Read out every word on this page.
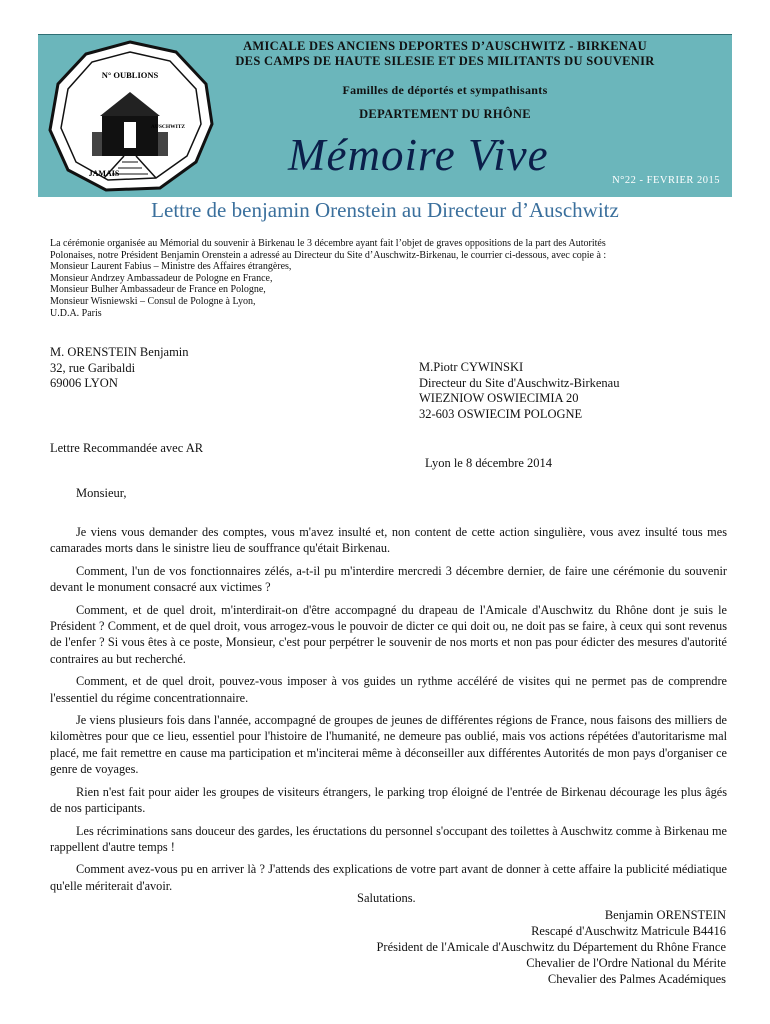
AMICALE DES ANCIENS DEPORTES D’AUSCHWITZ - BIRKENAU
DES CAMPS DE HAUTE SILESIE ET DES MILITANTS DU SOUVENIR
Familles de déportés et sympathisants
DEPARTEMENT DU RHÔNE
Mémoire Vive
N°22 - FEVRIER 2015
N° OUBLIONS
AUSCHWITZ
JAMAIS
Lettre de benjamin Orenstein au Directeur d’Auschwitz
La cérémonie organisée au Mémorial du souvenir à Birkenau le 3 décembre ayant fait l’objet de graves oppositions de la part des Autorités
Polonaises, notre Président Benjamin Orenstein a adressé au Directeur du Site d’Auschwitz-Birkenau, le courrier ci-dessous, avec copie à :
Monsieur Laurent Fabius – Ministre des Affaires étrangères,
Monsieur Andrzey Ambassadeur de Pologne en France,
Monsieur Bulher Ambassadeur de France en Pologne,
Monsieur Wisniewski – Consul de Pologne à Lyon,
U.D.A. Paris
M. ORENSTEIN Benjamin
32, rue Garibaldi
69006 LYON
M.Piotr CYWINSKI
Directeur du Site d'Auschwitz-Birkenau
WIEZNIOW OSWIECIMIA 20
32-603 OSWIECIM POLOGNE
Lettre Recommandée avec AR
Lyon le 8 décembre 2014
Monsieur,

Je viens vous demander des comptes, vous m'avez insulté et, non content de cette action singulière, vous avez insulté tous mes camarades morts dans le sinistre lieu de souffrance qu'était Birkenau.

Comment, l'un de vos fonctionnaires zélés, a-t-il pu m'interdire mercredi 3 décembre dernier, de faire une cérémonie du souvenir devant le monument consacré aux victimes ?

Comment, et de quel droit, m'interdirait-on d'être accompagné du drapeau de l'Amicale d'Auschwitz du Rhône dont je suis le Président ? Comment, et de quel droit, vous arrogez-vous le pouvoir de dicter ce qui doit ou, ne doit pas se faire, à ceux qui sont revenus de l'enfer ? Si vous êtes à ce poste, Monsieur, c'est pour perpétrer le souvenir de nos morts et non pas pour édicter des mesures d'autorité contraires au but recherché.

Comment, et de quel droit, pouvez-vous imposer à vos guides un rythme accéléré de visites qui ne permet pas de comprendre l'essentiel du régime concentrationnaire.

Je viens plusieurs fois dans l'année, accompagné de groupes de jeunes de différentes régions de France, nous faisons des milliers de kilomètres pour que ce lieu, essentiel pour l'histoire de l'humanité, ne demeure pas oublié, mais vos actions répétées d'autoritarisme mal placé, me fait remettre en cause ma participation et m'inciterai même à déconseiller aux différentes Autorités de mon pays d'organiser ce genre de voyages.

Rien n'est fait pour aider les groupes de visiteurs étrangers, le parking trop éloigné de l'entrée de Birkenau décourage les plus âgés de nos participants.

Les récriminations sans douceur des gardes, les éructations du personnel s'occupant des toilettes à Auschwitz comme à Birkenau me rappellent d'autre temps !

Comment avez-vous pu en arriver là ? J'attends des explications de votre part avant de donner à cette affaire la publicité médiatique qu'elle mériterait d'avoir.

Salutations.
Benjamin ORENSTEIN
Rescapé d'Auschwitz Matricule B4416
Président de l'Amicale d'Auschwitz du Département du Rhône France
Chevalier de l'Ordre National du Mérite
Chevalier des Palmes Académiques
